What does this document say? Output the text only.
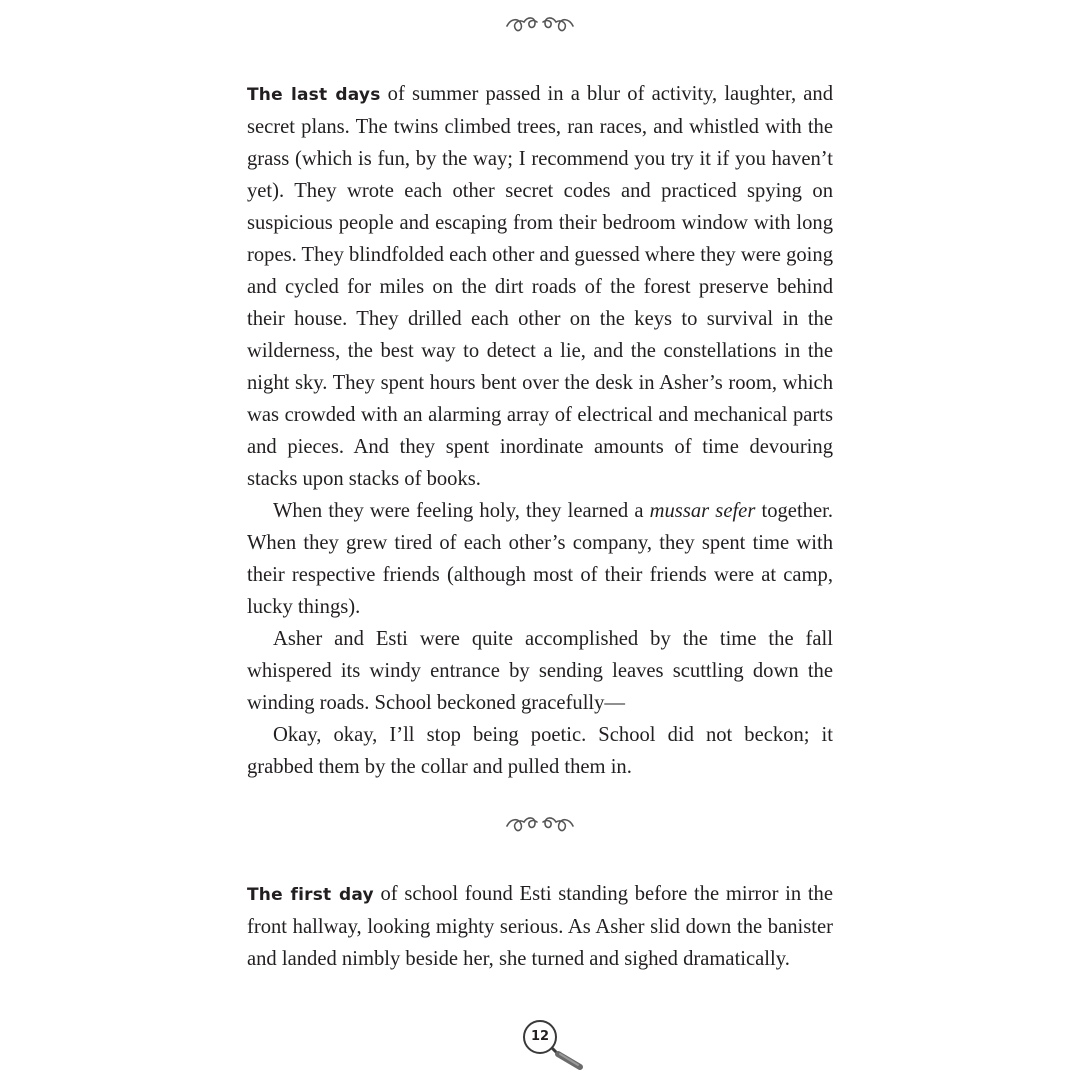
The last days of summer passed in a blur of activity, laughter, and secret plans. The twins climbed trees, ran races, and whistled with the grass (which is fun, by the way; I recommend you try it if you haven’t yet). They wrote each other secret codes and practiced spying on suspicious people and escaping from their bedroom window with long ropes. They blindfolded each other and guessed where they were going and cycled for miles on the dirt roads of the forest preserve behind their house. They drilled each other on the keys to survival in the wilderness, the best way to detect a lie, and the constellations in the night sky. They spent hours bent over the desk in Asher’s room, which was crowded with an alarming array of electrical and mechanical parts and pieces. And they spent inordinate amounts of time devouring stacks upon stacks of books.

When they were feeling holy, they learned a mussar sefer together. When they grew tired of each other’s company, they spent time with their respective friends (although most of their friends were at camp, lucky things).

Asher and Esti were quite accomplished by the time the fall whispered its windy entrance by sending leaves scuttling down the winding roads. School beckoned gracefully—

Okay, okay, I’ll stop being poetic. School did not beckon; it grabbed them by the collar and pulled them in.

The first day of school found Esti standing before the mirror in the front hallway, looking mighty serious. As Asher slid down the banister and landed nimbly beside her, she turned and sighed dramatically.

12
